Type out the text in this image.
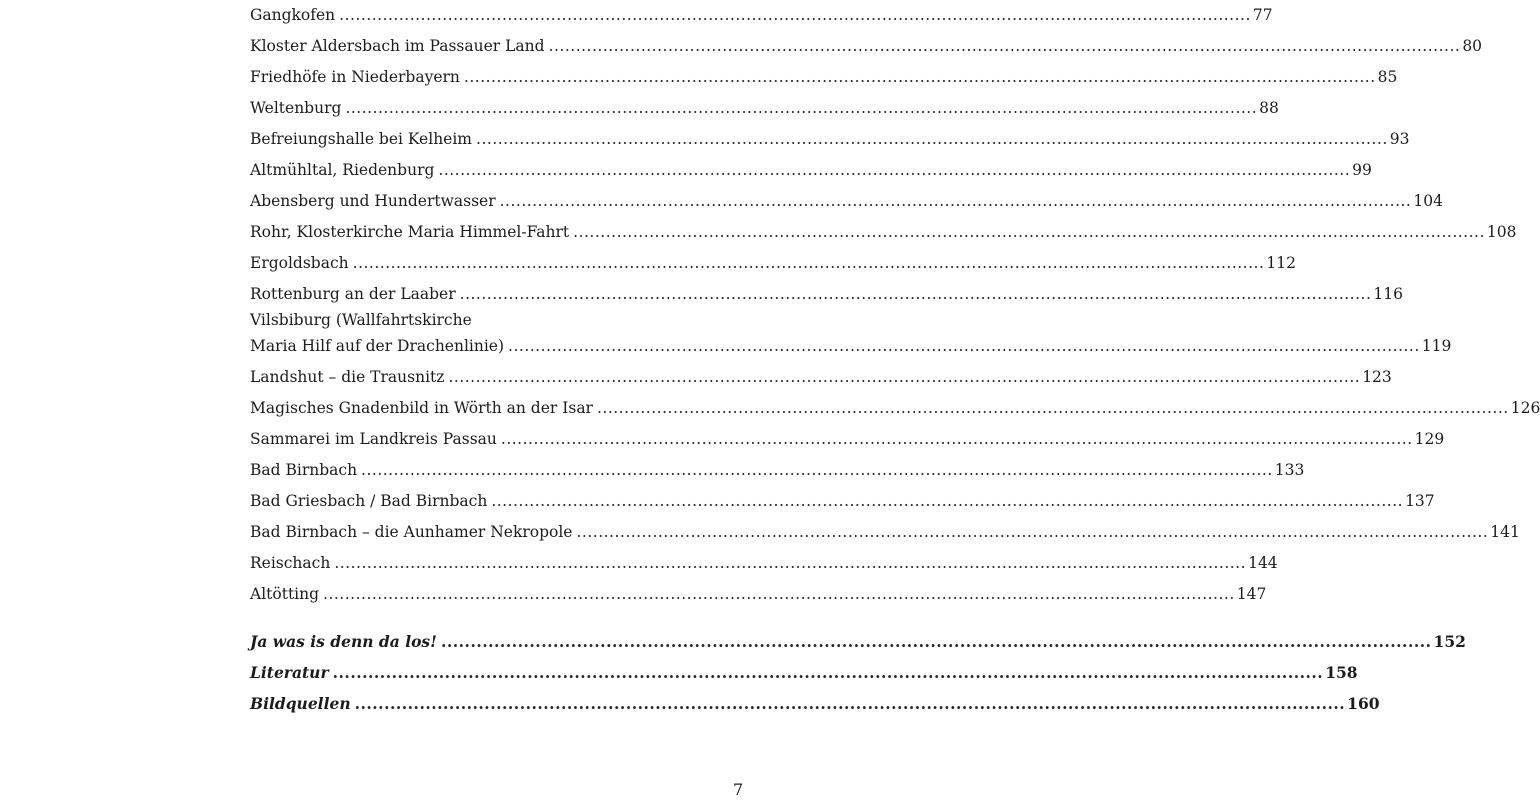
Gangkofen ........................................................................................................................................................................ 77
Kloster Aldersbach im Passauer Land ........................................................................................................................................................................ 80
Friedhöfe in Niederbayern ........................................................................................................................................................................ 85
Weltenburg ........................................................................................................................................................................ 88
Befreiungshalle bei Kelheim ........................................................................................................................................................................ 93
Altmühltal, Riedenburg ........................................................................................................................................................................ 99
Abensberg und Hundertwasser ........................................................................................................................................................................ 104
Rohr, Klosterkirche Maria Himmel-Fahrt ........................................................................................................................................................................ 108
Ergoldsbach ........................................................................................................................................................................ 112
Rottenburg an der Laaber ........................................................................................................................................................................ 116
Vilsbiburg (Wallfahrtskirche
Maria Hilf auf der Drachenlinie) ........................................................................................................................................................................ 119
Landshut – die Trausnitz ........................................................................................................................................................................ 123
Magisches Gnadenbild in Wörth an der Isar ........................................................................................................................................................................ 126
Sammarei im Landkreis Passau ........................................................................................................................................................................ 129
Bad Birnbach ........................................................................................................................................................................ 133
Bad Griesbach / Bad Birnbach ........................................................................................................................................................................ 137
Bad Birnbach – die Aunhamer Nekropole ........................................................................................................................................................................ 141
Reischach ........................................................................................................................................................................ 144
Altötting ........................................................................................................................................................................ 147
Ja was is denn da los! ........................................................................................................................................................................ 152
Literatur ........................................................................................................................................................................ 158
Bildquellen ........................................................................................................................................................................ 160
7
